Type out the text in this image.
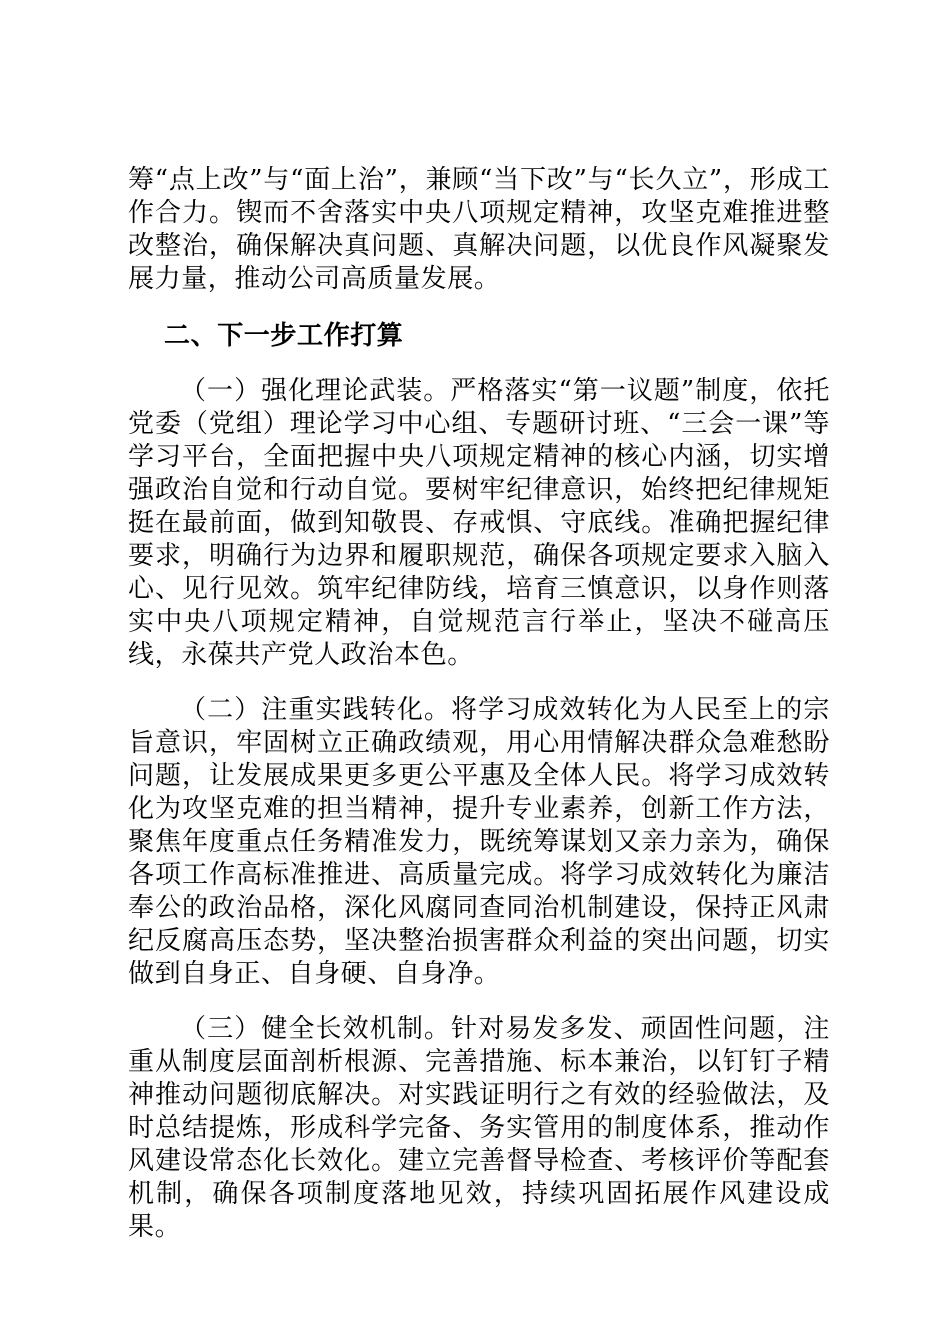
筹“点上改”与“面上治”，兼顾“当下改”与“长久立”，形成工作合力。锲而不舍落实中央八项规定精神，攻坚克难推进整改整治，确保解决真问题、真解决问题，以优良作风凝聚发展力量，推动公司高质量发展。

二、下一步工作打算

（一）强化理论武装。严格落实“第一议题”制度，依托党委（党组）理论学习中心组、专题研讨班、“三会一课”等学习平台，全面把握中央八项规定精神的核心内涵，切实增强政治自觉和行动自觉。要树牢纪律意识，始终把纪律规矩挺在最前面，做到知敬畏、存戒惧、守底线。准确把握纪律要求，明确行为边界和履职规范，确保各项规定要求入脑入心、见行见效。筑牢纪律防线，培育三慎意识，以身作则落实中央八项规定精神，自觉规范言行举止，坚决不碰高压线，永葆共产党人政治本色。

（二）注重实践转化。将学习成效转化为人民至上的宗旨意识，牢固树立正确政绩观，用心用情解决群众急难愁盼问题，让发展成果更多更公平惠及全体人民。将学习成效转化为攻坚克难的担当精神，提升专业素养，创新工作方法，聚焦年度重点任务精准发力，既统筹谋划又亲力亲为，确保各项工作高标准推进、高质量完成。将学习成效转化为廉洁奉公的政治品格，深化风腐同查同治机制建设，保持正风肃纪反腐高压态势，坚决整治损害群众利益的突出问题，切实做到自身正、自身硬、自身净。

（三）健全长效机制。针对易发多发、顽固性问题，注重从制度层面剖析根源、完善措施、标本兼治，以钉钉子精神推动问题彻底解决。对实践证明行之有效的经验做法，及时总结提炼，形成科学完备、务实管用的制度体系，推动作风建设常态化长效化。建立完善督导检查、考核评价等配套机制，确保各项制度落地见效，持续巩固拓展作风建设成果。
